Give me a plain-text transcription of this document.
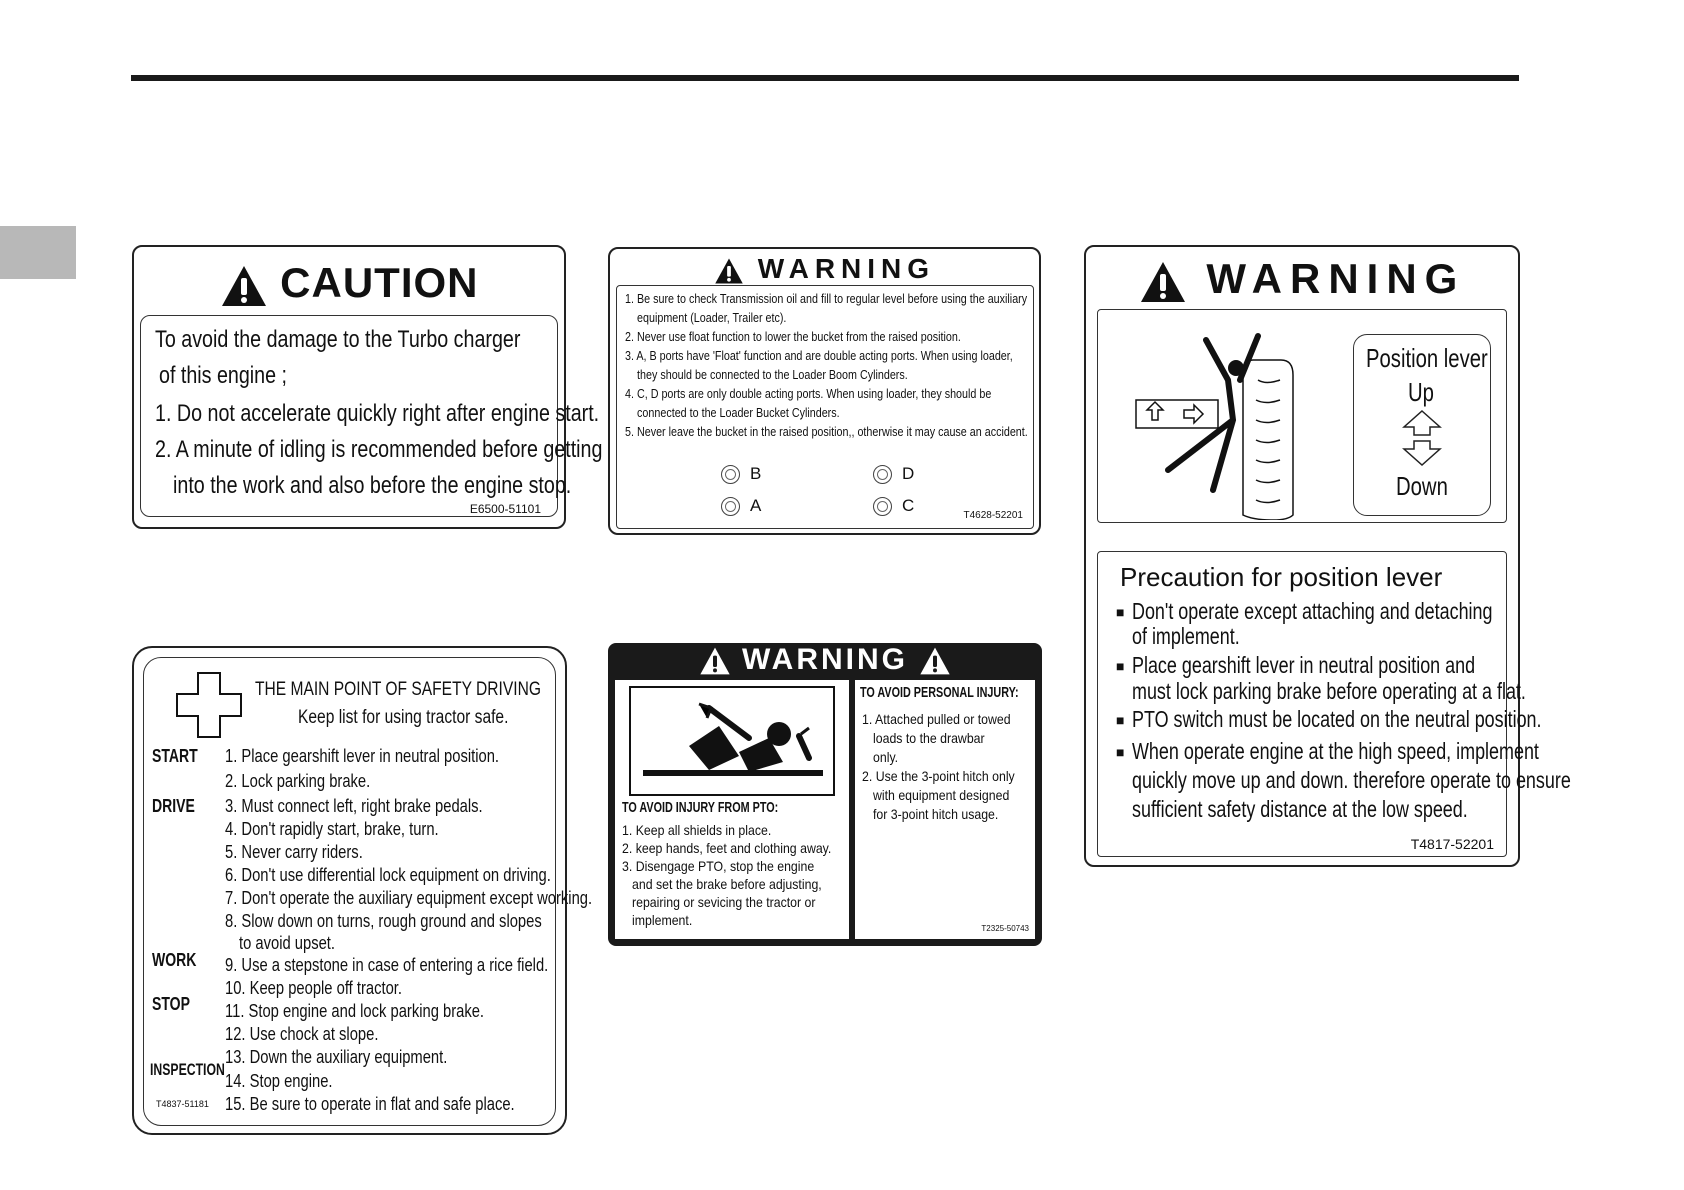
CAUTION
To avoid the damage to the Turbo charger
of this engine ;
1. Do not accelerate quickly right after engine start.
2. A minute of idling is recommended before getting
into the work and also before the engine stop.
E6500-51101
WARNING
1. Be sure to check Transmission oil and fill to regular level before using the auxiliary
equipment (Loader, Trailer etc).
2. Never use float function to lower the bucket from the raised position.
3. A, B ports have 'Float' function and are double acting ports. When using loader,
they should be connected to the Loader Boom Cylinders.
4. C, D ports are only double acting ports. When using loader, they should be
connected to the Loader Bucket Cylinders.
5. Never leave the bucket in the raised position,, otherwise it may cause an accident.
B	D
A	C
T4628-52201
WARNING
Position lever
Up
Down
Precaution for position lever
■ Don't operate except attaching and detaching
of implement.
■ Place gearshift lever in neutral position and
must lock parking brake before operating at a flat.
■ PTO switch must be located on the neutral position.
■ When operate engine at the high speed, implement
quickly move up and down. therefore operate to ensure
sufficient safety distance at the low speed.
T4817-52201
THE MAIN POINT OF SAFETY DRIVING
Keep list for using tractor safe.
START
DRIVE
WORK
STOP
INSPECTION
1. Place gearshift lever in neutral position.
2. Lock parking brake.
3. Must connect left, right brake pedals.
4. Don't rapidly start, brake, turn.
5. Never carry riders.
6. Don't use differential lock equipment on driving.
7. Don't operate the auxiliary equipment except working.
8. Slow down on turns, rough ground and slopes
to avoid upset.
9. Use a stepstone in case of entering a rice field.
10. Keep people off tractor.
11. Stop engine and lock parking brake.
12. Use chock at slope.
13. Down the auxiliary equipment.
14. Stop engine.
15. Be sure to operate in flat and safe place.
T4837-51181
WARNING
TO AVOID INJURY FROM PTO:
1. Keep all shields in place.
2. keep hands, feet and clothing away.
3. Disengage PTO, stop the engine
and set the brake before adjusting,
repairing or sevicing the tractor or
implement.
TO AVOID PERSONAL INJURY:
1. Attached pulled or towed
loads to the drawbar
only.
2. Use the 3-point hitch only
with equipment designed
for 3-point hitch usage.
T2325-50743
